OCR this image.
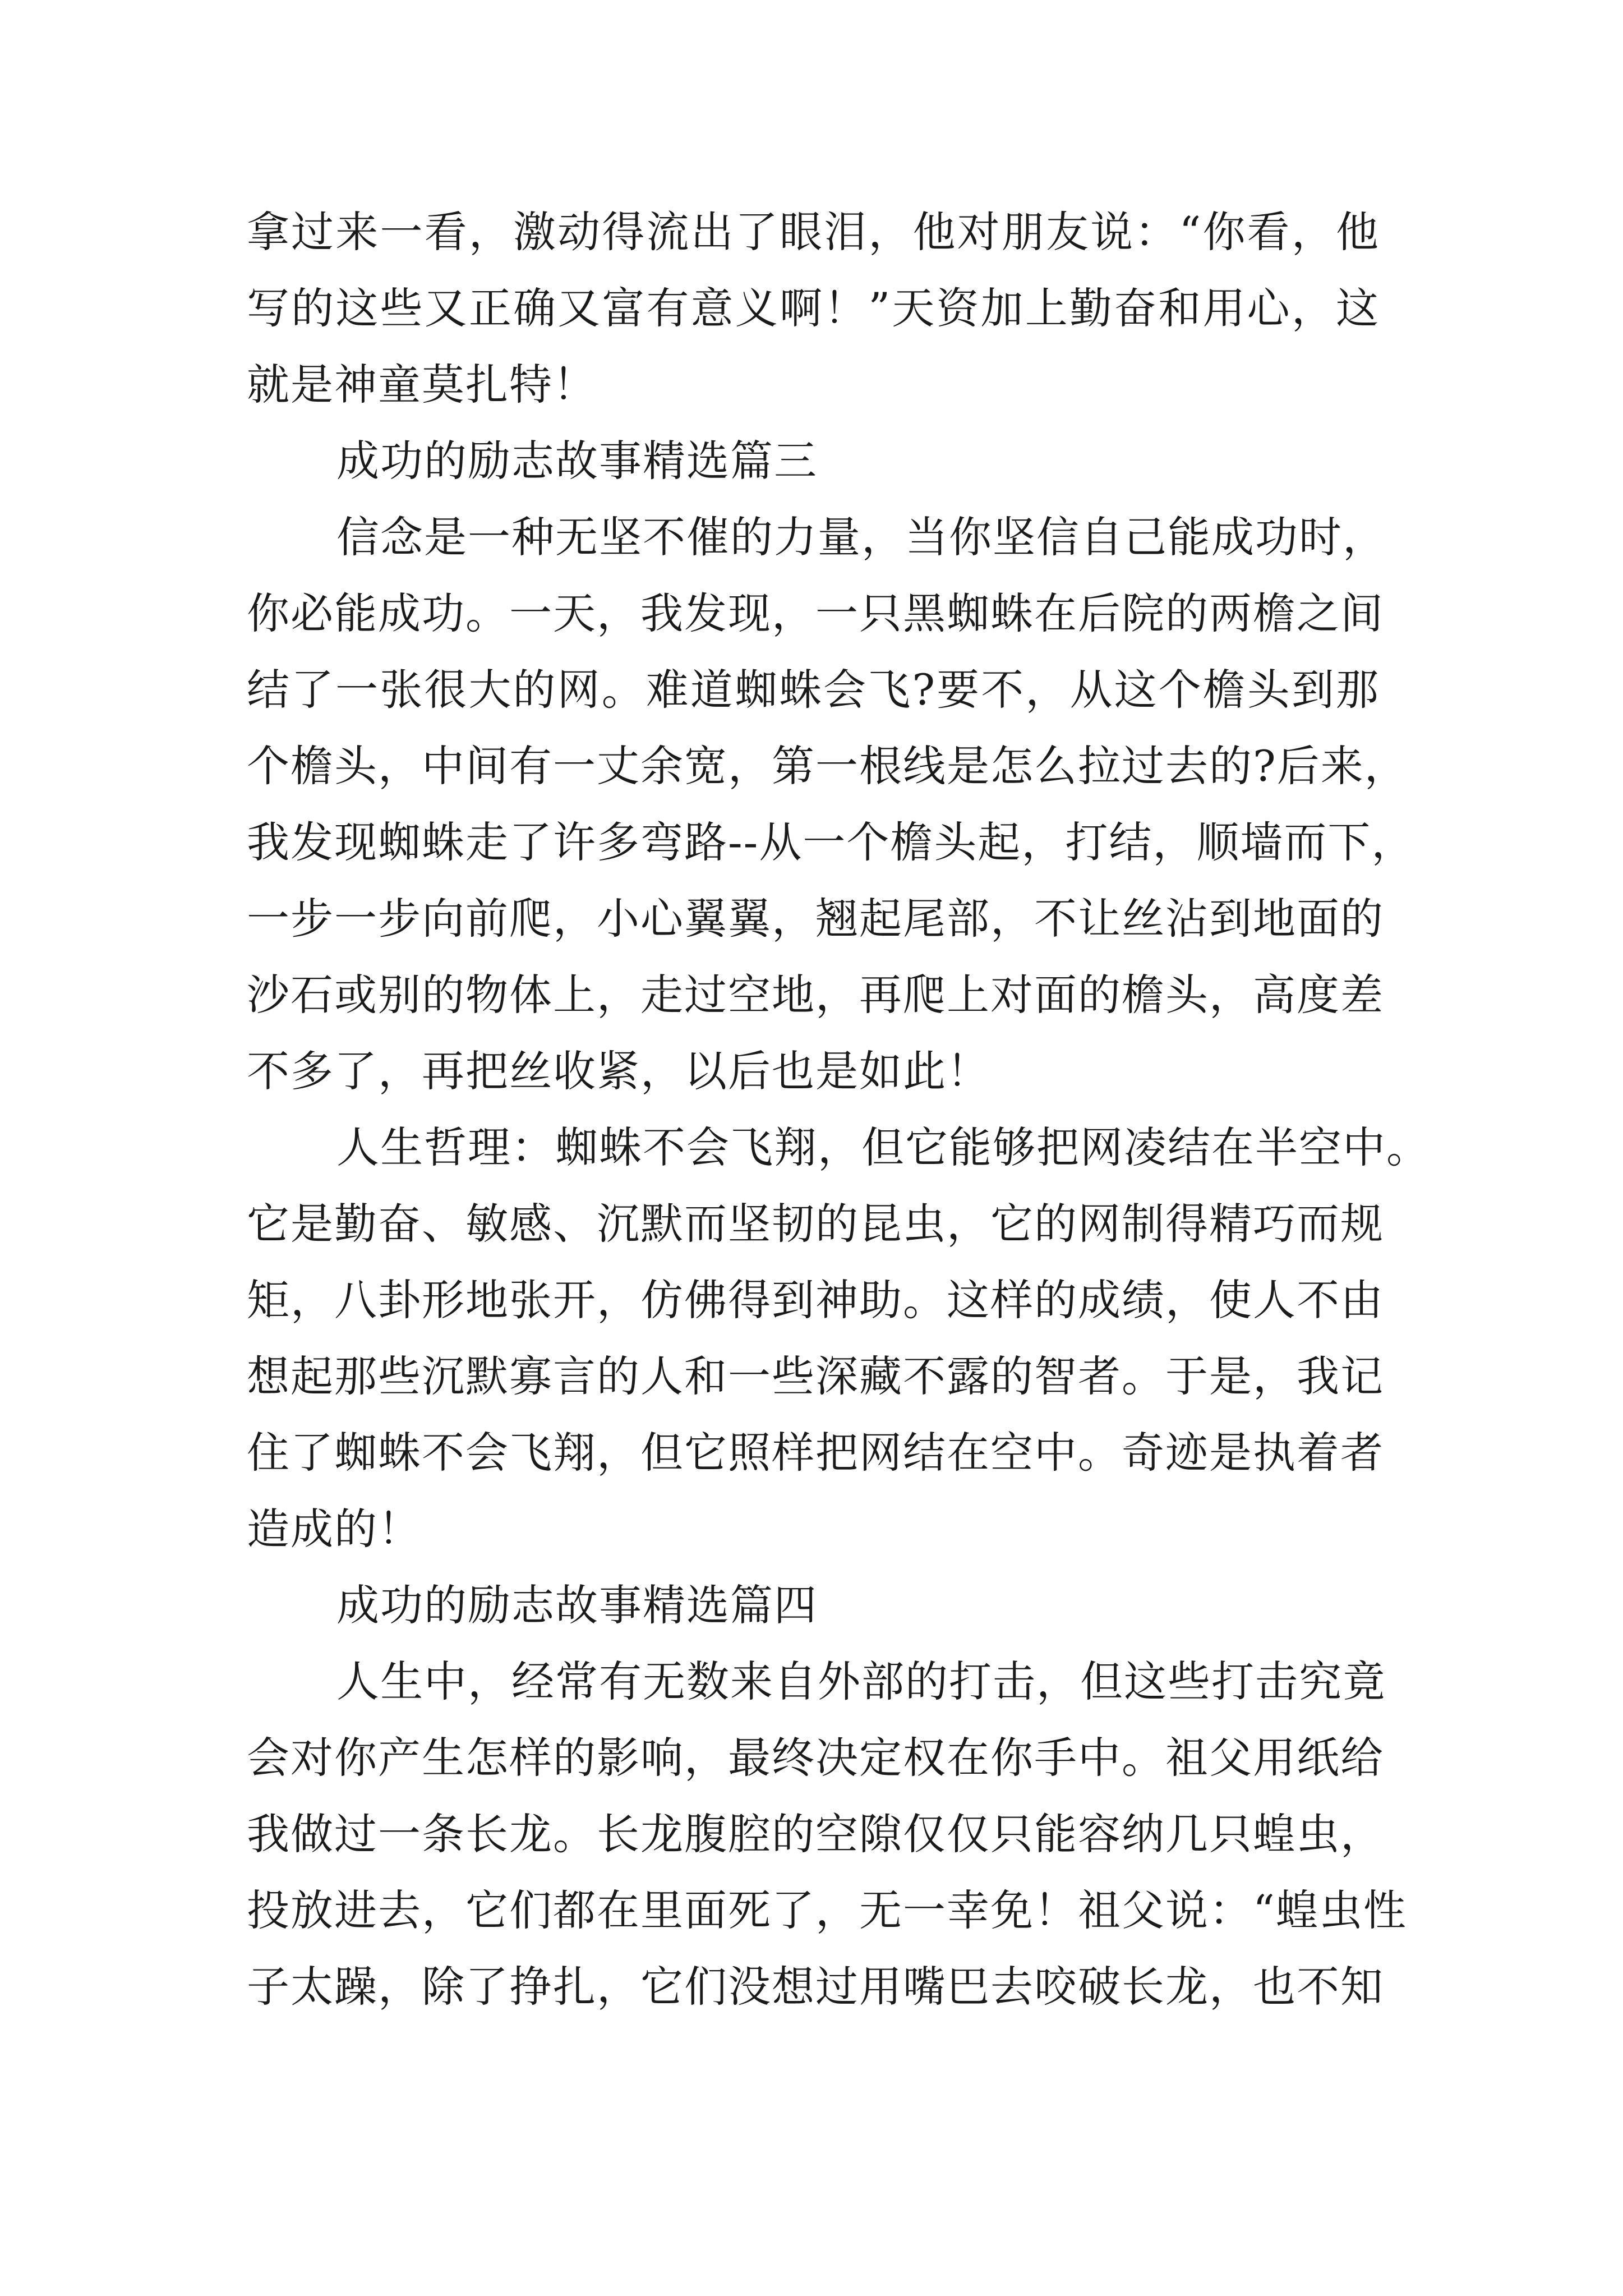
拿过来一看，激动得流出了眼泪，他对朋友说：“你看，他
写的这些又正确又富有意义啊！”天资加上勤奋和用心，这
就是神童莫扎特！
成功的励志故事精选篇三
信念是一种无坚不催的力量，当你坚信自己能成功时，
你必能成功。一天，我发现，一只黑蜘蛛在后院的两檐之间
结了一张很大的网。难道蜘蛛会飞?要不，从这个檐头到那
个檐头，中间有一丈余宽，第一根线是怎么拉过去的?后来，
我发现蜘蛛走了许多弯路--从一个檐头起，打结，顺墙而下，
一步一步向前爬，小心翼翼，翘起尾部，不让丝沾到地面的
沙石或别的物体上，走过空地，再爬上对面的檐头，高度差
不多了，再把丝收紧，以后也是如此！
人生哲理：蜘蛛不会飞翔，但它能够把网凌结在半空中。
它是勤奋、敏感、沉默而坚韧的昆虫，它的网制得精巧而规
矩，八卦形地张开，仿佛得到神助。这样的成绩，使人不由
想起那些沉默寡言的人和一些深藏不露的智者。于是，我记
住了蜘蛛不会飞翔，但它照样把网结在空中。奇迹是执着者
造成的！
成功的励志故事精选篇四
人生中，经常有无数来自外部的打击，但这些打击究竟
会对你产生怎样的影响，最终决定权在你手中。祖父用纸给
我做过一条长龙。长龙腹腔的空隙仅仅只能容纳几只蝗虫，
投放进去，它们都在里面死了，无一幸免！祖父说：“蝗虫性
子太躁，除了挣扎，它们没想过用嘴巴去咬破长龙，也不知
